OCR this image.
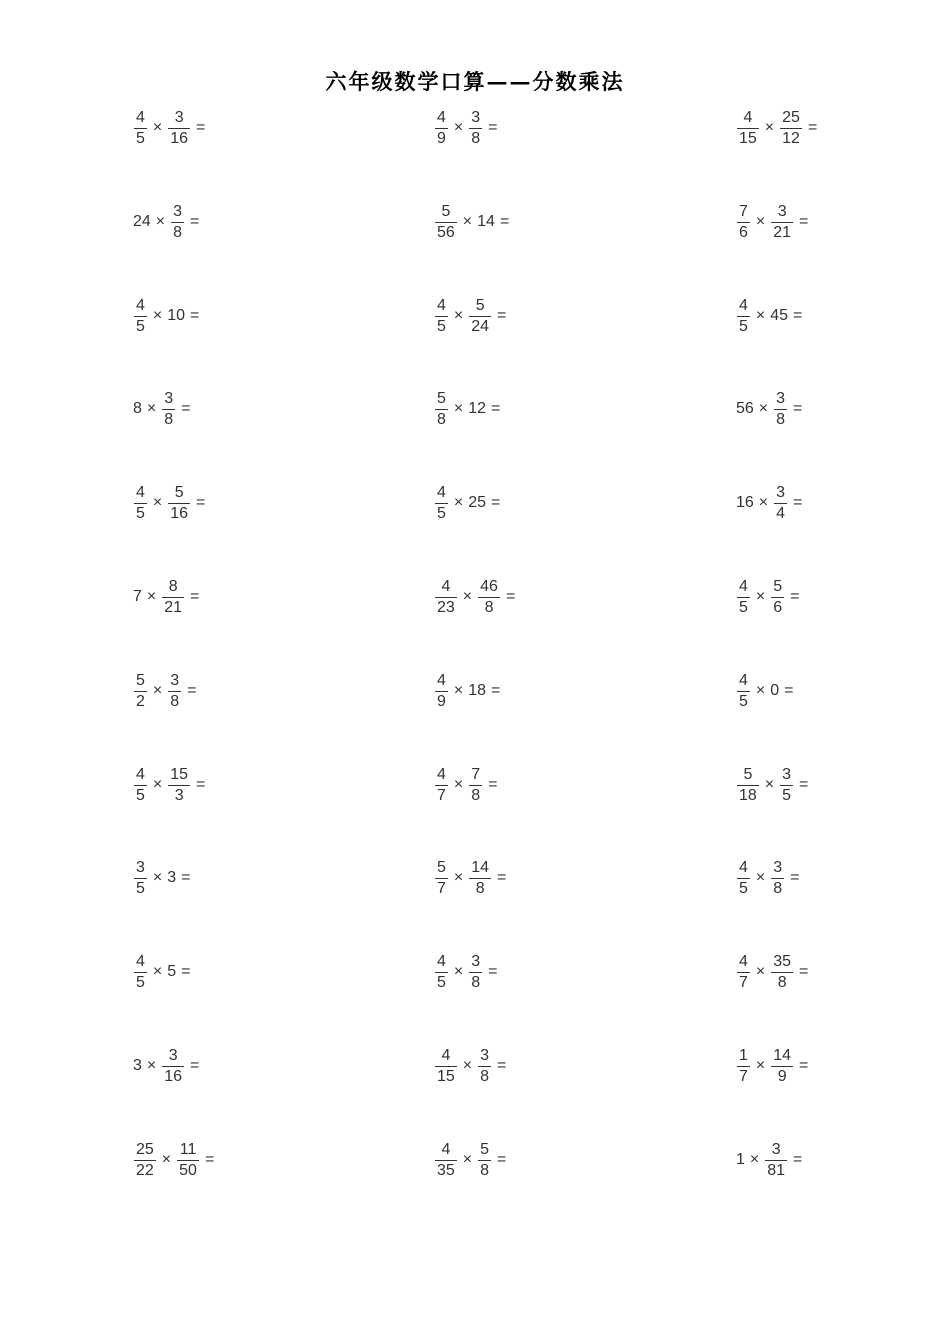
六年级数学口算——分数乘法
$\frac{4}{5} \times \frac{3}{16}$ =	$\frac{4}{9} \times \frac{3}{8}$ =	$\frac{4}{15} \times \frac{25}{12}$ =
$24 \times \frac{3}{8}$ =	$\frac{5}{56} \times 14$ =	$\frac{7}{6} \times \frac{3}{21}$ =
$\frac{4}{5} \times 10$ =	$\frac{4}{5} \times \frac{5}{24}$ =	$\frac{4}{5} \times 45$ =
$8 \times \frac{3}{8}$ =	$\frac{5}{8} \times 12$ =	$56 \times \frac{3}{8}$ =
$\frac{4}{5} \times \frac{5}{16}$ =	$\frac{4}{5} \times 25$ =	$16 \times \frac{3}{4}$ =
$7 \times \frac{8}{21}$ =	$\frac{4}{23} \times \frac{46}{8}$ =	$\frac{4}{5} \times \frac{5}{6}$ =
$\frac{5}{2} \times \frac{3}{8}$ =	$\frac{4}{9} \times 18$ =	$\frac{4}{5} \times 0$ =
$\frac{4}{5} \times \frac{15}{3}$ =	$\frac{4}{7} \times \frac{7}{8}$ =	$\frac{5}{18} \times \frac{3}{5}$ =
$\frac{3}{5} \times 3$ =	$\frac{5}{7} \times \frac{14}{8}$ =	$\frac{4}{5} \times \frac{3}{8}$ =
$\frac{4}{5} \times 5$ =	$\frac{4}{5} \times \frac{3}{8}$ =	$\frac{4}{7} \times \frac{35}{8}$ =
$3 \times \frac{3}{16}$ =	$\frac{4}{15} \times \frac{3}{8}$ =	$\frac{1}{7} \times \frac{14}{9}$ =
$\frac{25}{22} \times \frac{11}{50}$ =	$\frac{4}{35} \times \frac{5}{8}$ =	$1 \times \frac{3}{81}$ =
